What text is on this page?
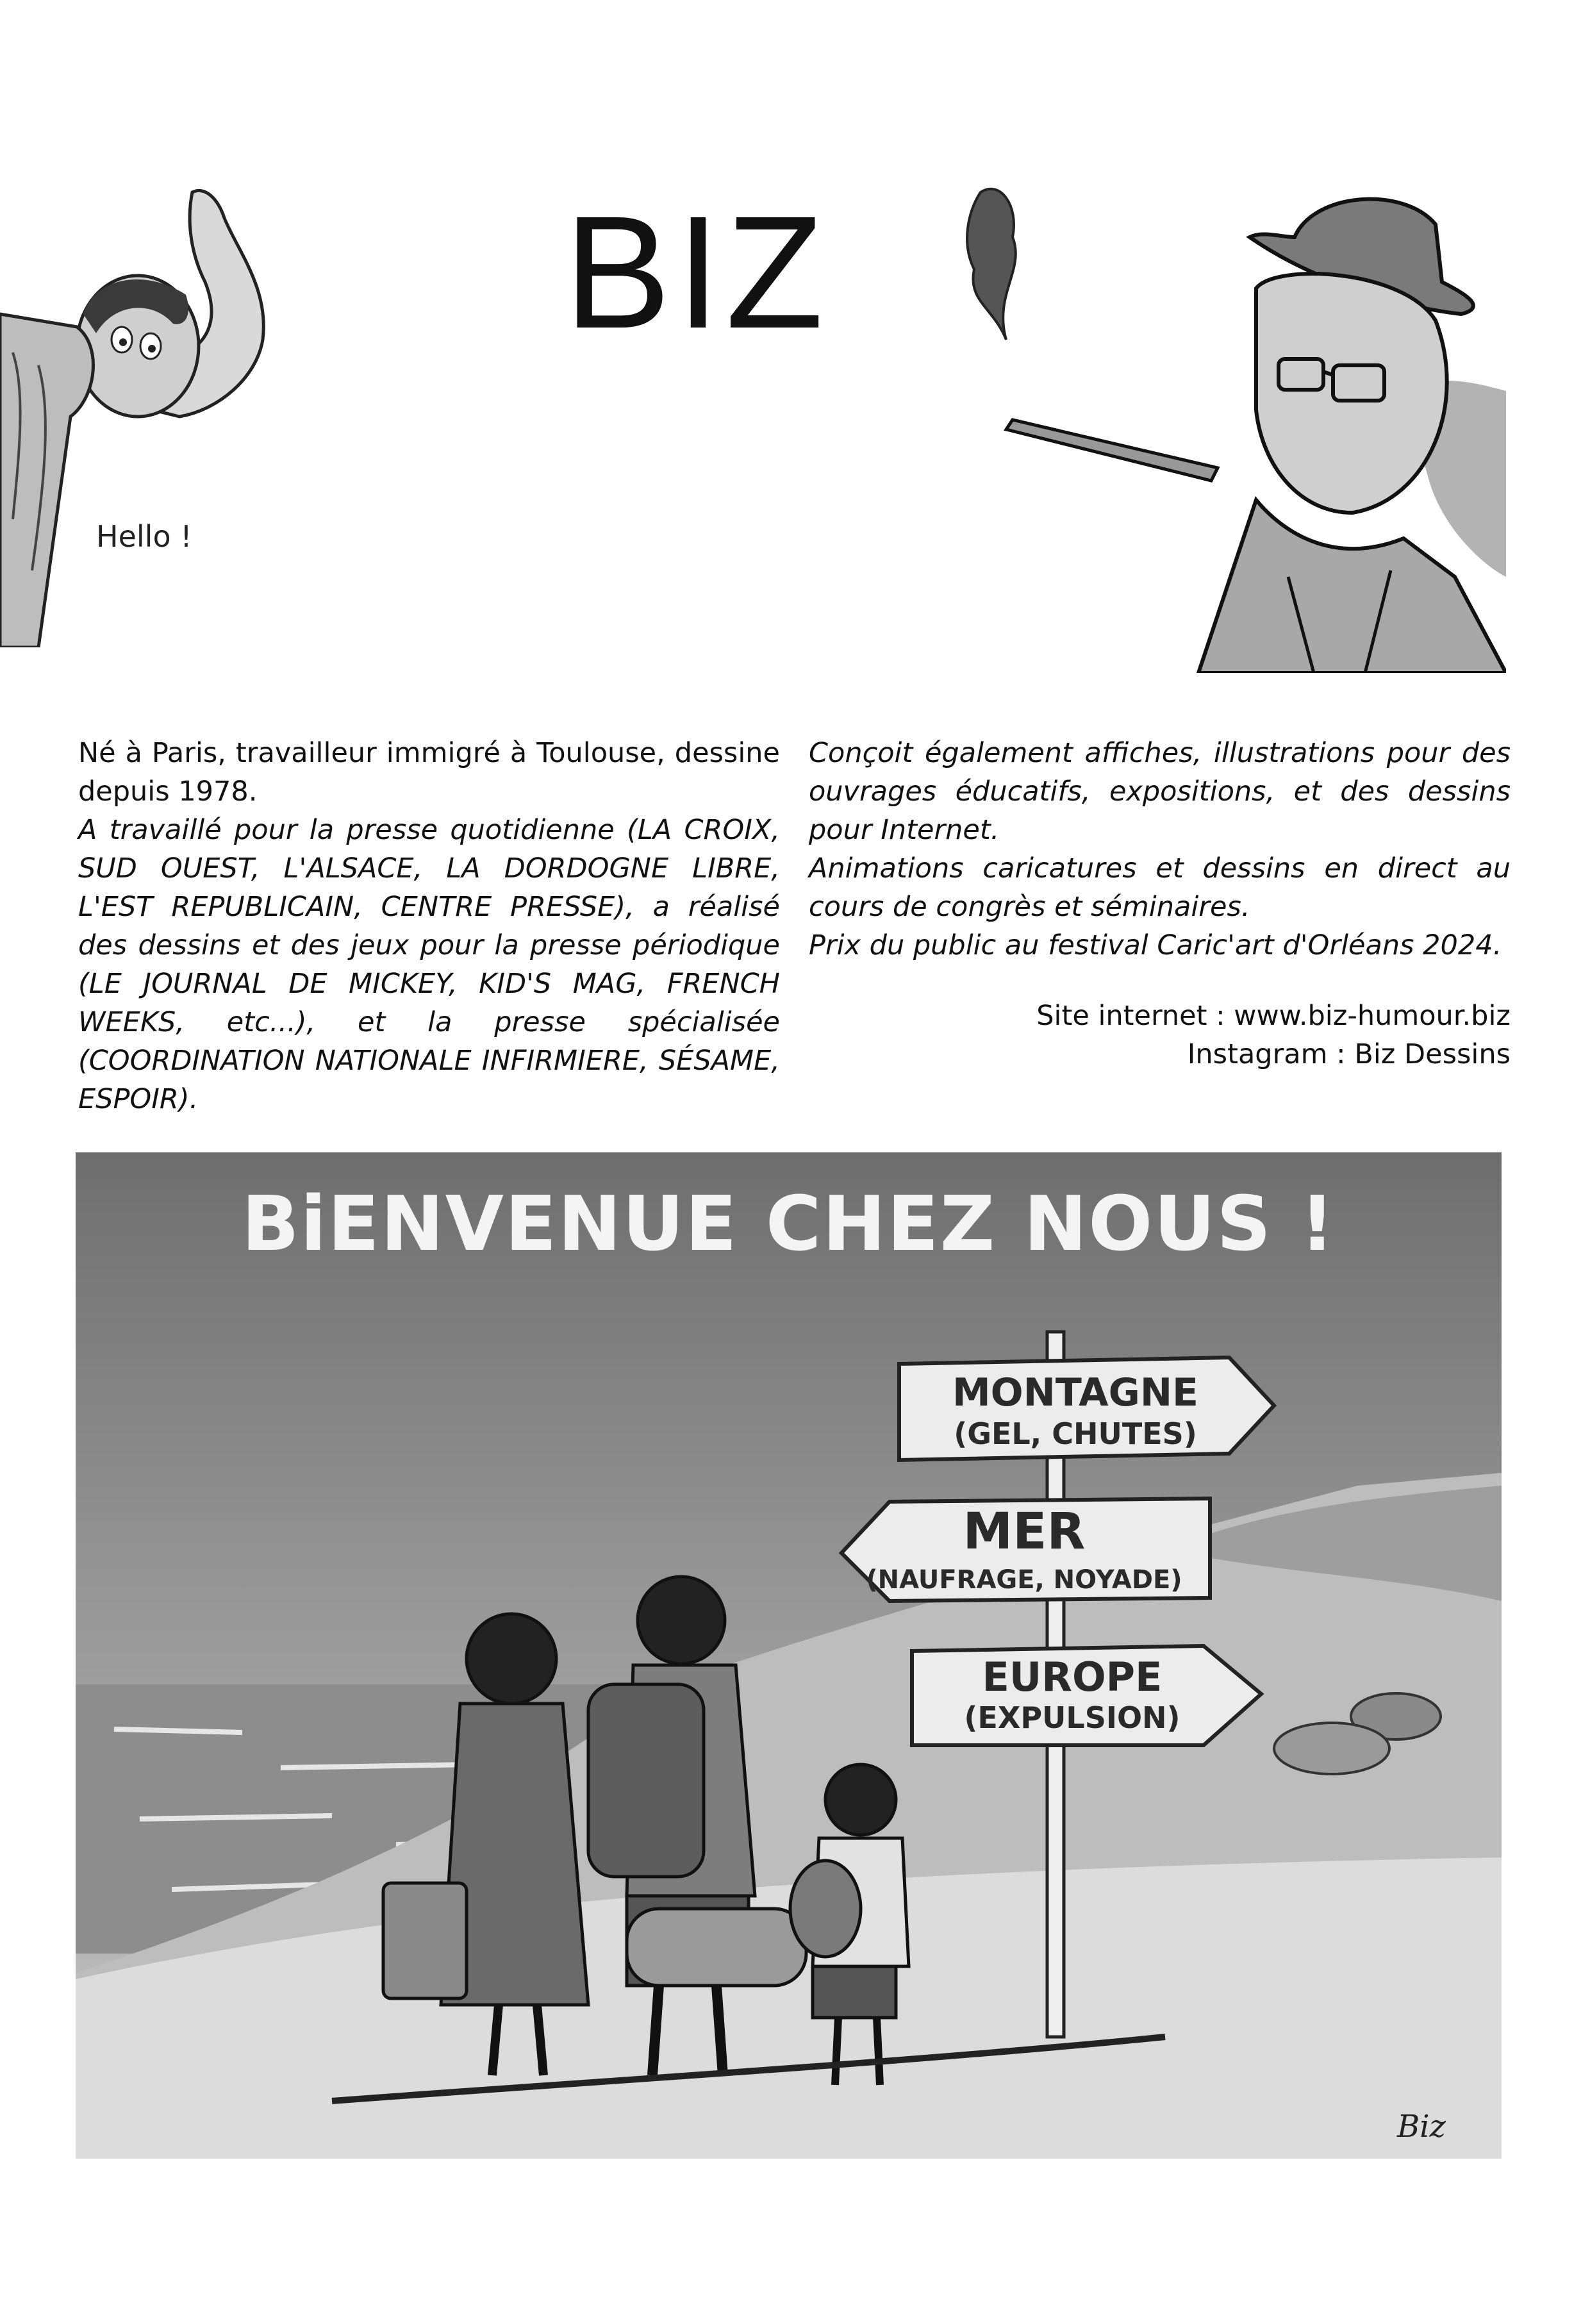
BIZ
Hello !

Né à Paris, travailleur immigré à Toulouse, dessine depuis 1978.

A travaillé pour la presse quotidienne (LA CROIX, SUD OUEST, L'ALSACE, LA DORDOGNE LIBRE, L'EST REPUBLICAIN, CENTRE PRESSE), a réalisé des dessins et des jeux pour la presse périodique (LE JOURNAL DE MICKEY, KID'S MAG, FRENCH WEEKS, etc...), et la presse spécialisée (COORDINATION NATIONALE INFIRMIERE, SÉSAME, ESPOIR).

Conçoit également affiches, illustrations pour des ouvrages éducatifs, expositions, et des dessins pour Internet.

Animations caricatures et dessins en direct au cours de congrès et séminaires.

Prix du public au festival Caric'art d'Orléans 2024.

Site internet : www.biz-humour.biz

Instagram : Biz Dessins

MONTAGNE
(GEL, CHUTES)
MER
(NAUFRAGE, NOYADE)
EUROPE
(EXPULSION)
BiENVENUE CHEZ NOUS !
Biz
